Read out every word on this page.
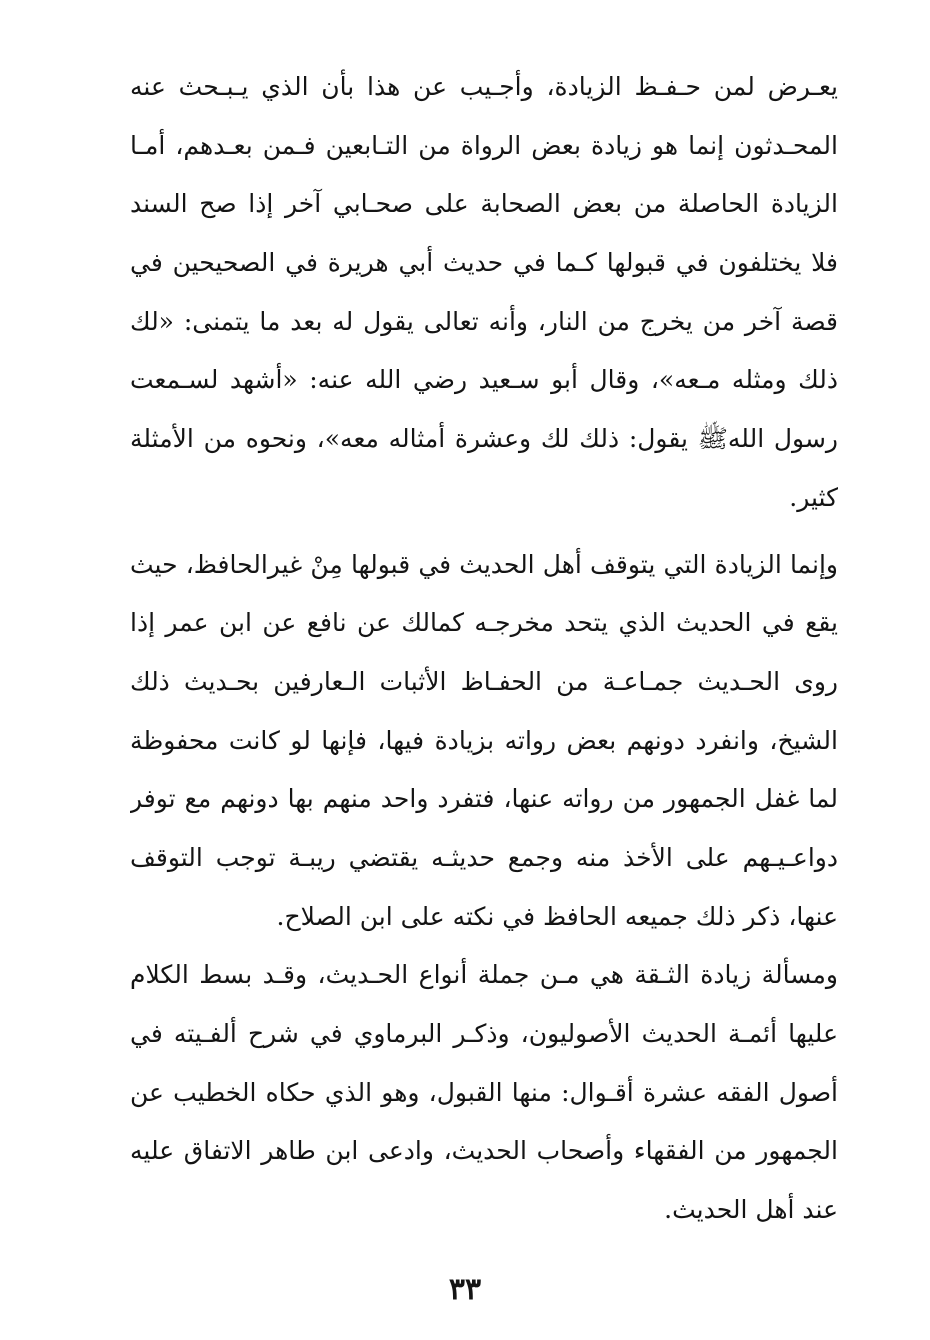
يعـرض لمن حـفـظ الزيادة، وأجـيب عن هذا بأن الذي يـبـحث عنه
المحـدثون إنما هو زيادة بعض الرواة من التـابعين فـمن بعـدهم، أمـا
الزيادة الحاصلة من بعض الصحابة على صحـابي آخر إذا صح السند
فلا يختلفون في قبولها كـما في حديث أبي هريرة في الصحيحين في
قصة آخر من يخرج من النار، وأنه تعالى يقول له بعد ما يتمنى: «لك
ذلك ومثله مـعه»، وقال أبو سـعيد رضي الله عنه: «أشهد لسـمعت
رسول اللهﷺ يقول: ذلك لك وعشرة أمثاله معه»، ونحوه من الأمثلة
كثير.
وإنما الزيادة التي يتوقف أهل الحديث في قبولها مِنْ غيرالحافظ، حيث
يقع في الحديث الذي يتحد مخرجـه كمالك عن نافع عن ابن عمر إذا
روى الحـديث جمـاعـة من الحفـاظ الأثبات الـعارفين بحـديث ذلك
الشيخ، وانفرد دونهم بعض رواته بزيادة فيها، فإنها لو كانت محفوظة
لما غفل الجمهور من رواته عنها، فتفرد واحد منهم بها دونهم مع توفر
دواعـيـهم على الأخذ منه وجمع حديثـه يقتضي ريبـة توجب التوقف
عنها، ذكر ذلك جميعه الحافظ في نكته على ابن الصلاح.
ومسألة زيادة الثـقة هي مـن جملة أنواع الحـديث، وقـد بسط الكلام
عليها أئمـة الحديث الأصوليون، وذكـر البرماوي في شرح ألفـيته في
أصول الفقه عشرة أقـوال: منها القبول، وهو الذي حكاه الخطيب عن
الجمهور من الفقهاء وأصحاب الحديث، وادعى ابن طاهر الاتفاق عليه
عند أهل الحديث.
٣٣
